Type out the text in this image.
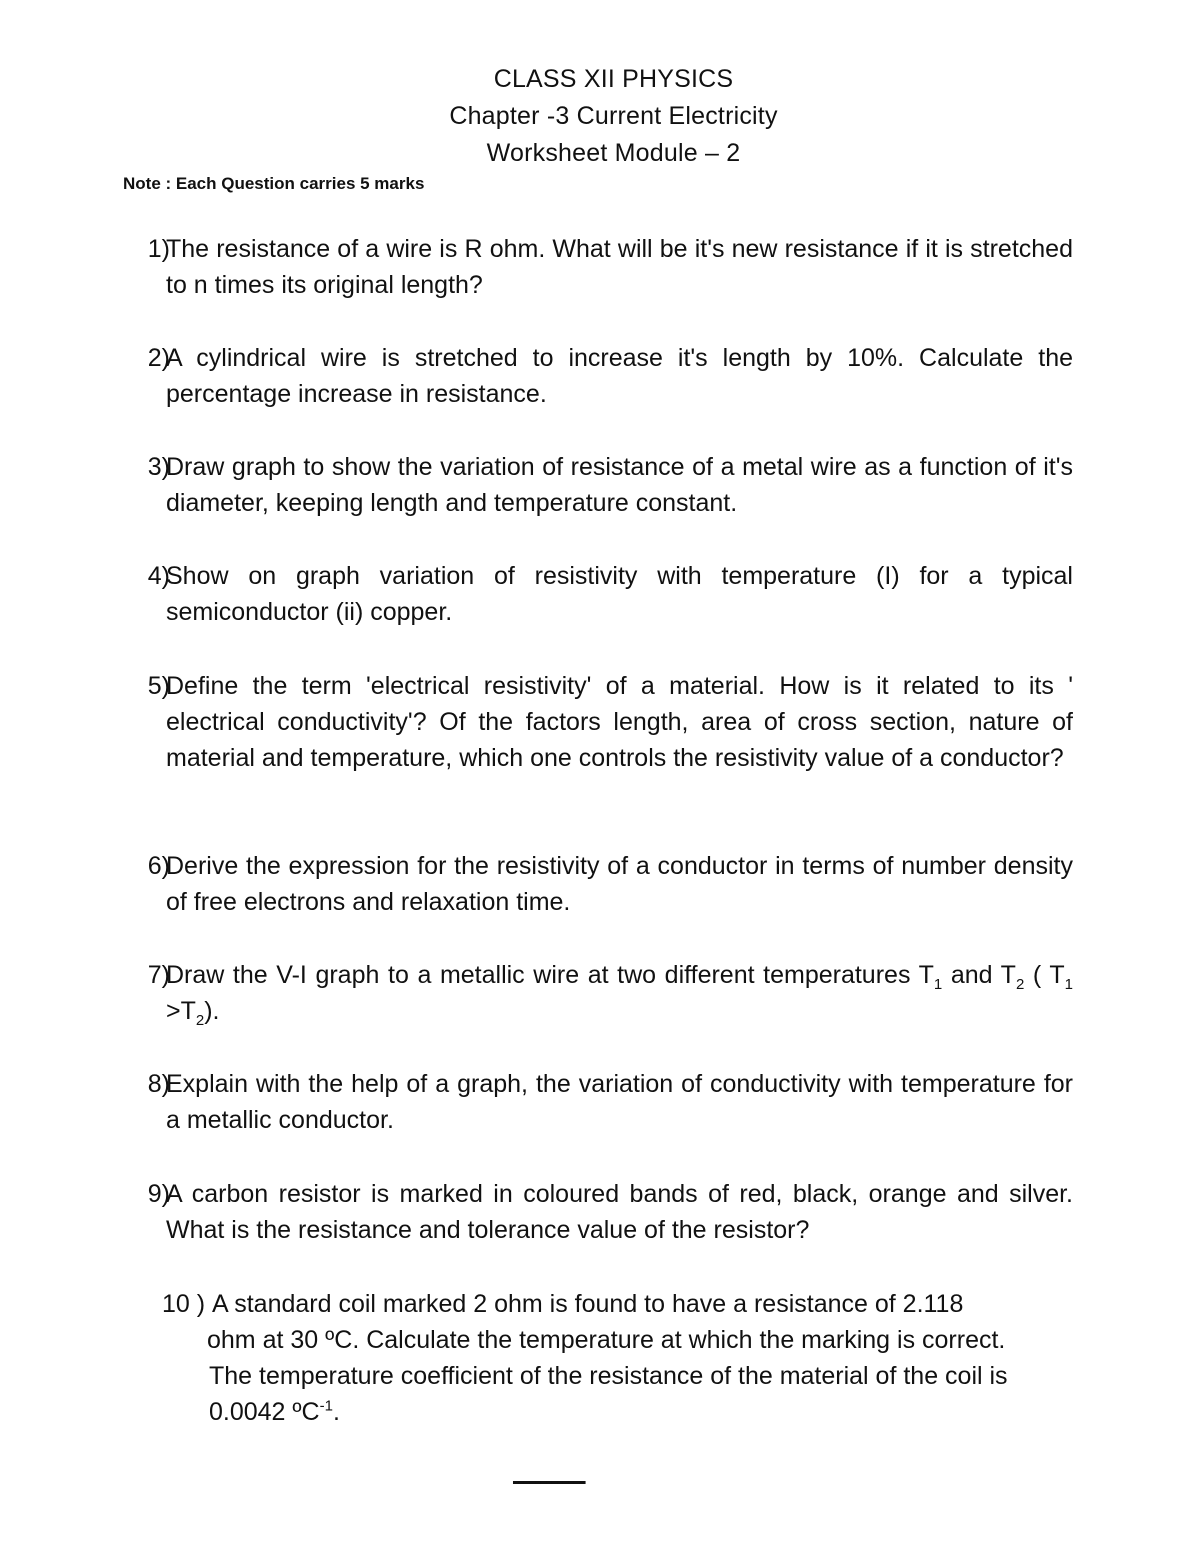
CLASS XII PHYSICS
Chapter -3 Current Electricity
Worksheet Module – 2
Note : Each Question carries 5 marks
1)
The resistance of a wire is R ohm. What will be it's new resistance if it is stretched to n times its original length?
2)
A cylindrical wire is stretched to increase it's length by 10%. Calculate the percentage increase in resistance.
3)
Draw graph to show the variation of resistance of a metal wire as a function of it's diameter, keeping length and temperature constant.
4)
Show on graph variation of resistivity with temperature (I) for a typical semiconductor (ii) copper.
5)
Define the term 'electrical resistivity' of a material. How is it related to its ' electrical conductivity'? Of the factors length, area of cross section, nature of material and temperature, which one controls the resistivity value of a conductor?
6)
Derive the expression for the resistivity of a conductor in terms of number density of free electrons and relaxation time.
7)
Draw the V-I graph to a metallic wire at two different temperatures $T_1$ and $T_2$ ( $T_1 >T_2$).
8)
Explain with the help of a graph, the variation of conductivity with temperature for a metallic conductor.
9)
A carbon resistor is marked in coloured bands of red, black, orange and silver. What is the resistance and tolerance value of the resistor?
10 ) A standard coil marked 2 ohm is found to have a resistance of 2.118
ohm at 30 ºC. Calculate the temperature at which the marking is correct.
The temperature coefficient of the resistance of the material of the coil is
0.0042 ºC$^{-1}$.
-------------
